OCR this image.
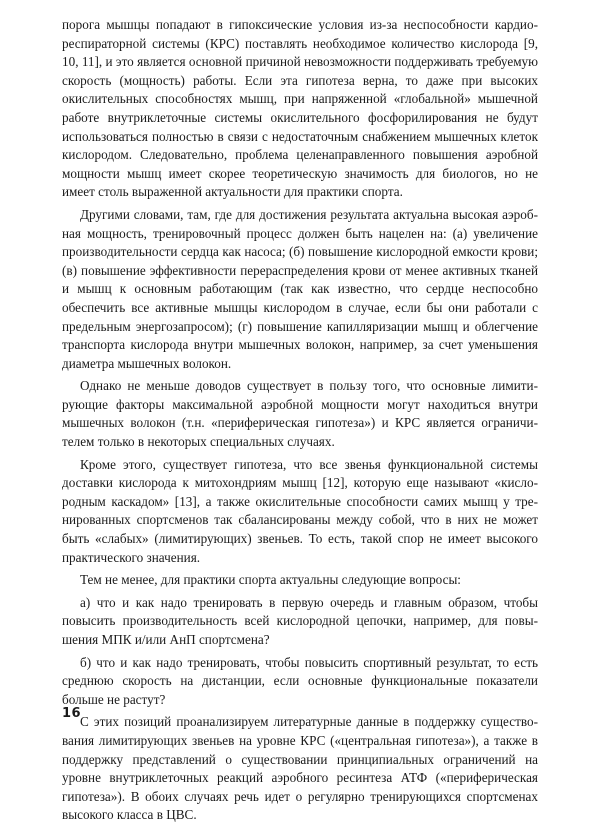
порога мышцы попадают в гипоксические условия из-за неспособности кардиореспираторной системы (КРС) поставлять необходимое количество кислорода [9, 10, 11], и это является основной причиной невозможности поддерживать требуемую скорость (мощность) работы. Если эта гипотеза верна, то даже при высоких окислительных способностях мышц, при напряженной «глобальной» мышечной работе внутриклеточные системы окислительного фосфорилирования не будут использоваться полностью в связи с недостаточным снабжением мышечных клеток кислородом. Следовательно, проблема целенаправленного повышения аэробной мощности мышц имеет скорее теоретическую значимость для биологов, но не имеет столь выраженной актуальности для практики спорта.

Другими словами, там, где для достижения результата актуальна высокая аэробная мощность, тренировочный процесс должен быть нацелен на: (а) увеличение производительности сердца как насоса; (б) повышение кислородной емкости крови; (в) повышение эффективности перераспределения крови от менее активных тканей и мышц к основным работающим (так как известно, что сердце неспособно обеспечить все активные мышцы кислородом в случае, если бы они работали с предельным энергозапросом); (г) повышение капилляризации мышц и облегчение транспорта кислорода внутри мышечных волокон, например, за счет уменьшения диаметра мышечных волокон.

Однако не меньше доводов существует в пользу того, что основные лимитирующие факторы максимальной аэробной мощности могут находиться внутри мышечных волокон (т.н. «периферическая гипотеза») и КРС является ограничителем только в некоторых специальных случаях.

Кроме этого, существует гипотеза, что все звенья функциональной системы доставки кислорода к митохондриям мышц [12], которую еще называют «кислородным каскадом» [13], а также окислительные способности самих мышц у тренированных спортсменов так сбалансированы между собой, что в них не может быть «слабых» (лимитирующих) звеньев. То есть, такой спор не имеет высокого практического значения.

Тем не менее, для практики спорта актуальны следующие вопросы:

а) что и как надо тренировать в первую очередь и главным образом, чтобы повысить производительность всей кислородной цепочки, например, для повышения МПК и/или АнП спортсмена?

б) что и как надо тренировать, чтобы повысить спортивный результат, то есть среднюю скорость на дистанции, если основные функциональные показатели больше не растут?

С этих позиций проанализируем литературные данные в поддержку существования лимитирующих звеньев на уровне КРС («центральная гипотеза»), а также в поддержку представлений о существовании принципиальных ограничений на уровне внутриклеточных реакций аэробного ресинтеза АТФ («периферическая гипотеза»). В обоих случаях речь идет о регулярно тренирующихся спортсменах высокого класса в ЦВС.

16
